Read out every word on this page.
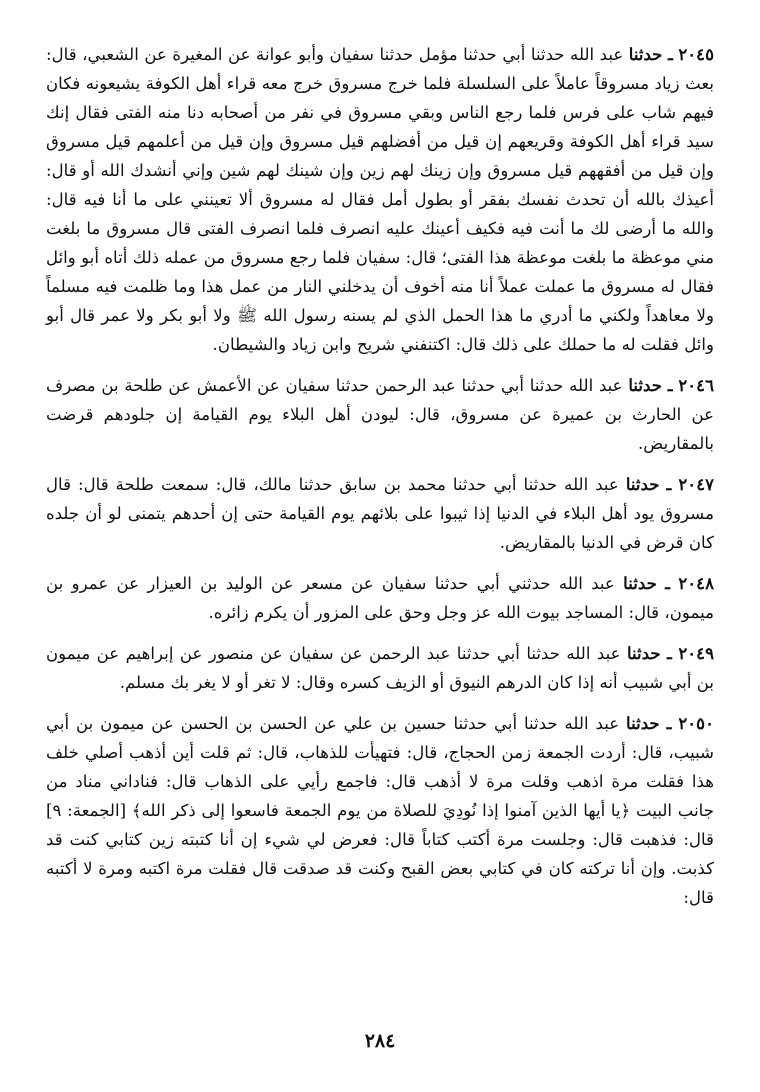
٢٠٤٥ ـ حدثنا عبد الله حدثنا أبي حدثنا مؤمل حدثنا سفيان وأبو عوانة عن المغيرة عن الشعبي، قال: بعث زياد مسروقاً عاملاً على السلسلة فلما خرج مسروق خرج معه قراء أهل الكوفة يشيعونه فكان فيهم شاب على فرس فلما رجع الناس وبقي مسروق في نفر من أصحابه دنا منه الفتى فقال إنك سيد قراء أهل الكوفة وقريعهم إن قيل من أفضلهم قيل مسروق وإن قيل من أعلمهم قيل مسروق وإن قيل من أفقههم قيل مسروق وإن زينك لهم زين وإن شينك لهم شين وإني أنشدك الله أو قال: أعيذك بالله أن تحدث نفسك بفقر أو بطول أمل فقال له مسروق ألا تعينني على ما أنا فيه قال: والله ما أرضى لك ما أنت فيه فكيف أعينك عليه انصرف فلما انصرف الفتى قال مسروق ما بلغت مني موعظة ما بلغت موعظة هذا الفتى؛ قال: سفيان فلما رجع مسروق من عمله ذلك أتاه أبو وائل فقال له مسروق ما عملت عملاً أنا منه أخوف أن يدخلني النار من عمل هذا وما ظلمت فيه مسلماً ولا معاهداً ولكني ما أدري ما هذا الحمل الذي لم يسنه رسول الله ﷺ ولا أبو بكر ولا عمر قال أبو وائل فقلت له ما حملك على ذلك قال: اكتنفني شريح وابن زياد والشيطان.

٢٠٤٦ ـ حدثنا عبد الله حدثنا أبي حدثنا عبد الرحمن حدثنا سفيان عن الأعمش عن طلحة بن مصرف عن الحارث بن عميرة عن مسروق، قال: ليودن أهل البلاء يوم القيامة إن جلودهم قرضت بالمقاريض.

٢٠٤٧ ـ حدثنا عبد الله حدثنا أبي حدثنا محمد بن سابق حدثنا مالك، قال: سمعت طلحة قال: قال مسروق يود أهل البلاء في الدنيا إذا ثيبوا على بلائهم يوم القيامة حتى إن أحدهم يتمنى لو أن جلده كان قرض في الدنيا بالمقاريض.

٢٠٤٨ ـ حدثنا عبد الله حدثني أبي حدثنا سفيان عن مسعر عن الوليد بن العيزار عن عمرو بن ميمون، قال: المساجد بيوت الله عز وجل وحق على المزور أن يكرم زائره.

٢٠٤٩ ـ حدثنا عبد الله حدثنا أبي حدثنا عبد الرحمن عن سفيان عن منصور عن إبراهيم عن ميمون بن أبي شبيب أنه إذا كان الدرهم النيوق أو الزيف كسره وقال: لا تغر أو لا يغر بك مسلم.

٢٠٥٠ ـ حدثنا عبد الله حدثنا أبي حدثنا حسين بن علي عن الحسن بن الحسن عن ميمون بن أبي شبيب، قال: أردت الجمعة زمن الحجاج، قال: فتهيأت للذهاب، قال: ثم قلت أين أذهب أصلي خلف هذا فقلت مرة اذهب وقلت مرة لا أذهب قال: فاجمع رأيي على الذهاب قال: فناداني مناد من جانب البيت ﴿يا أيها الذين آمنوا إذا نُودِيَ للصلاة من يوم الجمعة فاسعوا إلى ذكر الله﴾ [الجمعة: ٩] قال: فذهبت قال: وجلست مرة أكتب كتاباً قال: فعرض لي شيء إن أنا كتبته زين كتابي كنت قد كذبت. وإن أنا تركته كان في كتابي بعض القبح وكنت قد صدقت قال فقلت مرة اكتبه ومرة لا أكتبه قال:

٢٨٤
